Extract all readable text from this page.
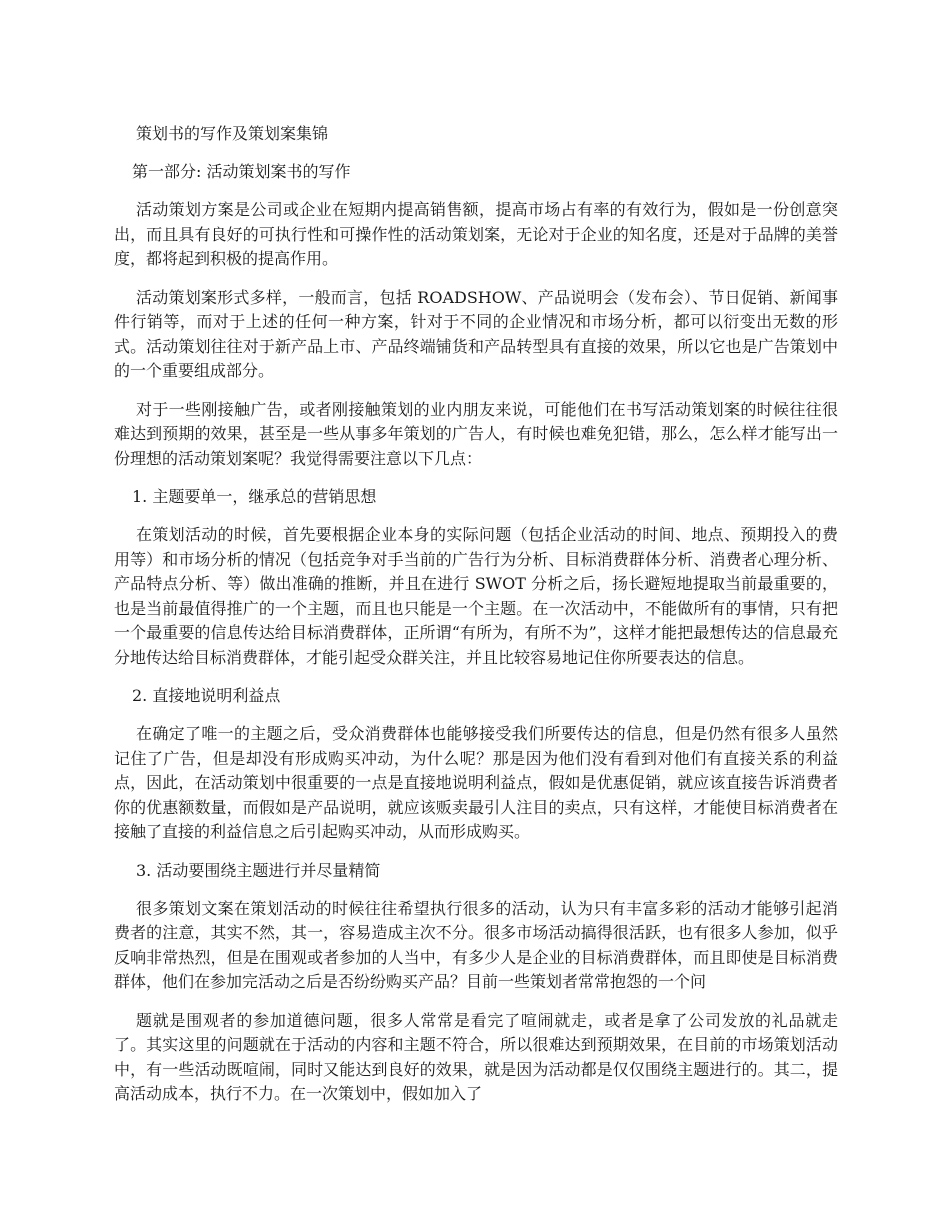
策划书的写作及策划案集锦
第一部分: 活动策划案书的写作

活动策划方案是公司或企业在短期内提高销售额，提高市场占有率的有效行为，假如是一份创意突出，而且具有良好的可执行性和可操作性的活动策划案，无论对于企业的知名度，还是对于品牌的美誉度，都将起到积极的提高作用。

活动策划案形式多样，一般而言，包括 ROADSHOW、产品说明会（发布会）、节日促销、新闻事件行销等，而对于上述的任何一种方案，针对于不同的企业情况和市场分析，都可以衍变出无数的形式。活动策划往往对于新产品上市、产品终端铺货和产品转型具有直接的效果，所以它也是广告策划中的一个重要组成部分。

对于一些刚接触广告，或者刚接触策划的业内朋友来说，可能他们在书写活动策划案的时候往往很难达到预期的效果，甚至是一些从事多年策划的广告人，有时候也难免犯错，那么，怎么样才能写出一份理想的活动策划案呢？我觉得需要注意以下几点：

1. 主题要单一，继承总的营销思想

在策划活动的时候，首先要根据企业本身的实际问题（包括企业活动的时间、地点、预期投入的费用等）和市场分析的情况（包括竞争对手当前的广告行为分析、目标消费群体分析、消费者心理分析、产品特点分析、等）做出准确的推断，并且在进行 SWOT 分析之后，扬长避短地提取当前最重要的，也是当前最值得推广的一个主题，而且也只能是一个主题。在一次活动中，不能做所有的事情，只有把一个最重要的信息传达给目标消费群体，正所谓“有所为，有所不为”，这样才能把最想传达的信息最充分地传达给目标消费群体，才能引起受众群关注，并且比较容易地记住你所要表达的信息。

2. 直接地说明利益点

在确定了唯一的主题之后，受众消费群体也能够接受我们所要传达的信息，但是仍然有很多人虽然记住了广告，但是却没有形成购买冲动，为什么呢？那是因为他们没有看到对他们有直接关系的利益点，因此，在活动策划中很重要的一点是直接地说明利益点，假如是优惠促销，就应该直接告诉消费者你的优惠额数量，而假如是产品说明，就应该贩卖最引人注目的卖点，只有这样，才能使目标消费者在接触了直接的利益信息之后引起购买冲动，从而形成购买。

3. 活动要围绕主题进行并尽量精简

很多策划文案在策划活动的时候往往希望执行很多的活动，认为只有丰富多彩的活动才能够引起消费者的注意，其实不然，其一，容易造成主次不分。很多市场活动搞得很活跃，也有很多人参加，似乎反响非常热烈，但是在围观或者参加的人当中，有多少人是企业的目标消费群体，而且即使是目标消费群体，他们在参加完活动之后是否纷纷购买产品？目前一些策划者常常抱怨的一个问

题就是围观者的参加道德问题，很多人常常是看完了喧闹就走，或者是拿了公司发放的礼品就走了。其实这里的问题就在于活动的内容和主题不符合，所以很难达到预期效果，在目前的市场策划活动中，有一些活动既喧闹，同时又能达到良好的效果，就是因为活动都是仅仅围绕主题进行的。其二，提高活动成本，执行不力。在一次策划中，假如加入了
